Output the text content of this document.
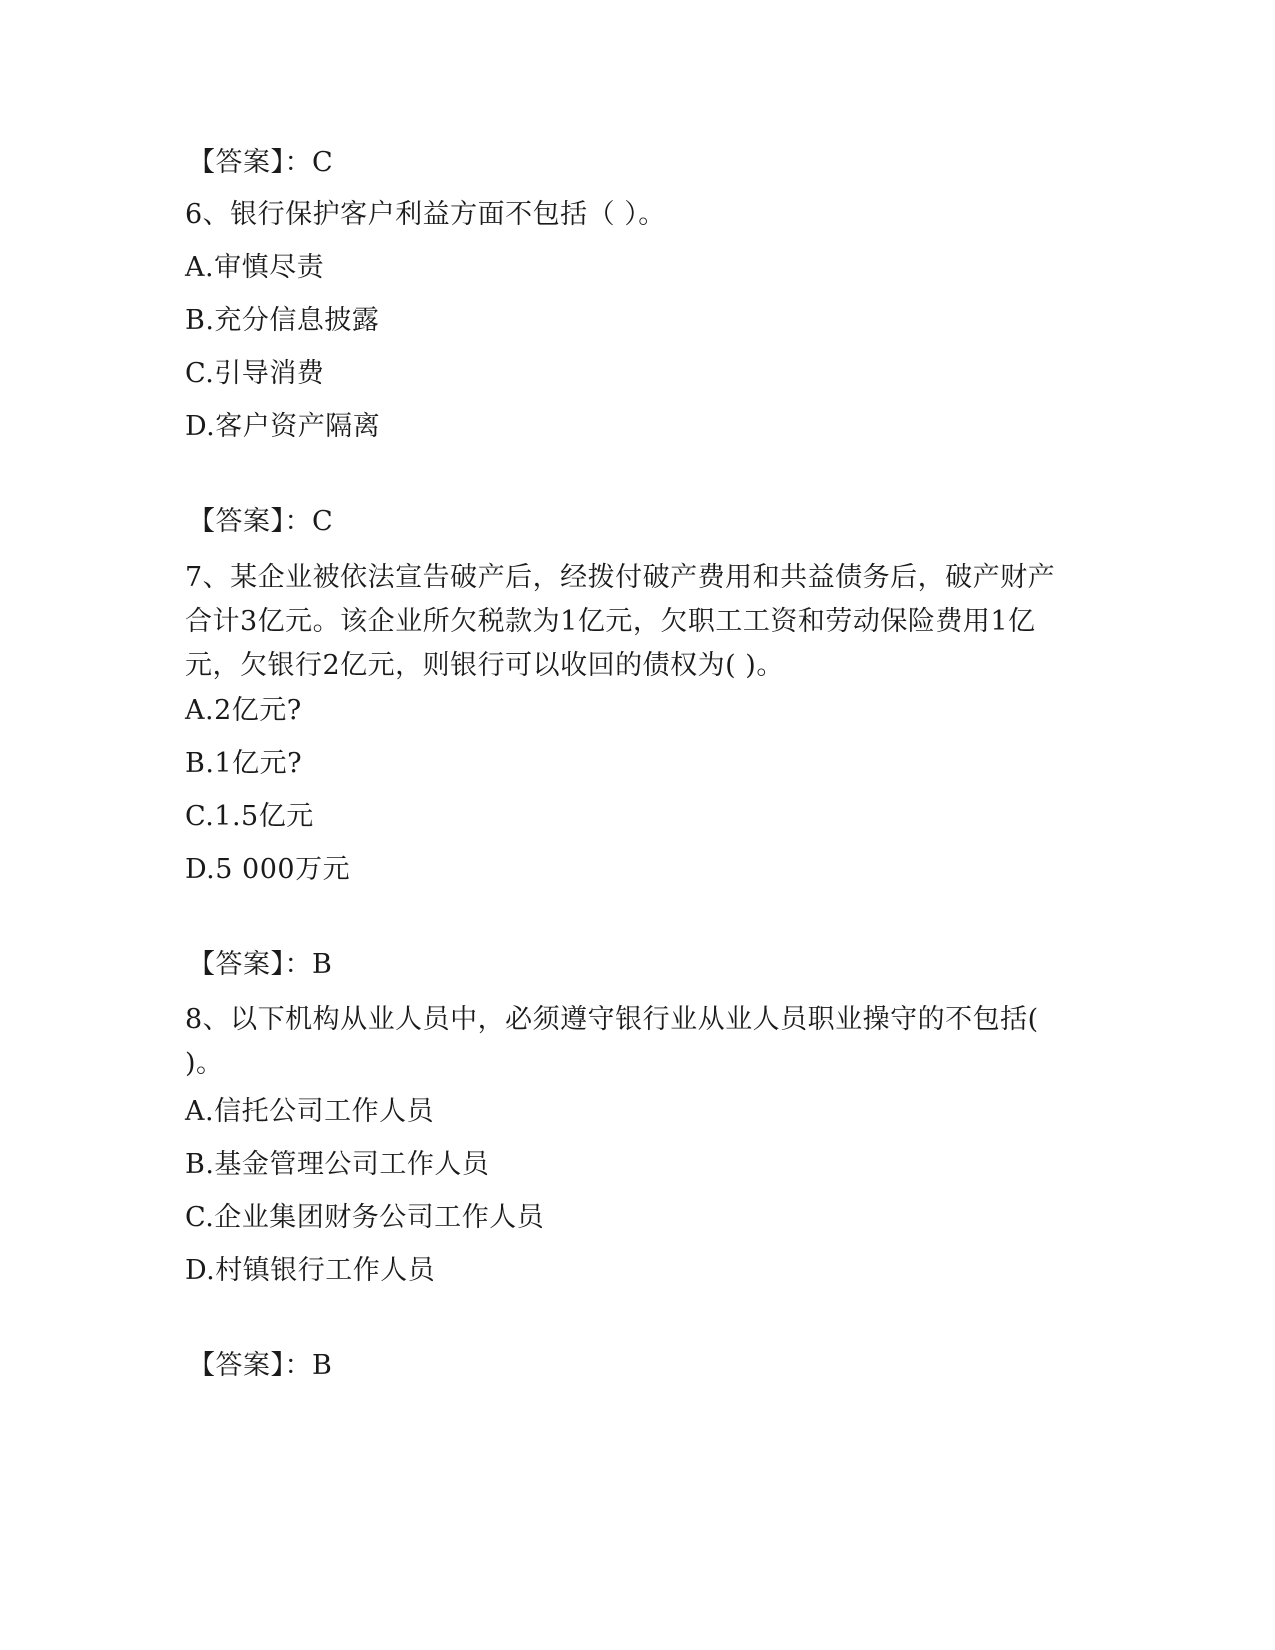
【答案】：C
6、银行保护客户利益方面不包括（ ）。
A.审慎尽责
B.充分信息披露
C.引导消费
D.客户资产隔离
【答案】：C
7、某企业被依法宣告破产后，经拨付破产费用和共益债务后，破产财产合计3亿元。该企业所欠税款为1亿元，欠职工工资和劳动保险费用1亿元，欠银行2亿元，则银行可以收回的债权为( )。
A.2亿元?
B.1亿元?
C.1.5亿元
D.5 000万元
【答案】：B
8、以下机构从业人员中，必须遵守银行业从业人员职业操守的不包括( )。
A.信托公司工作人员
B.基金管理公司工作人员
C.企业集团财务公司工作人员
D.村镇银行工作人员
【答案】：B
